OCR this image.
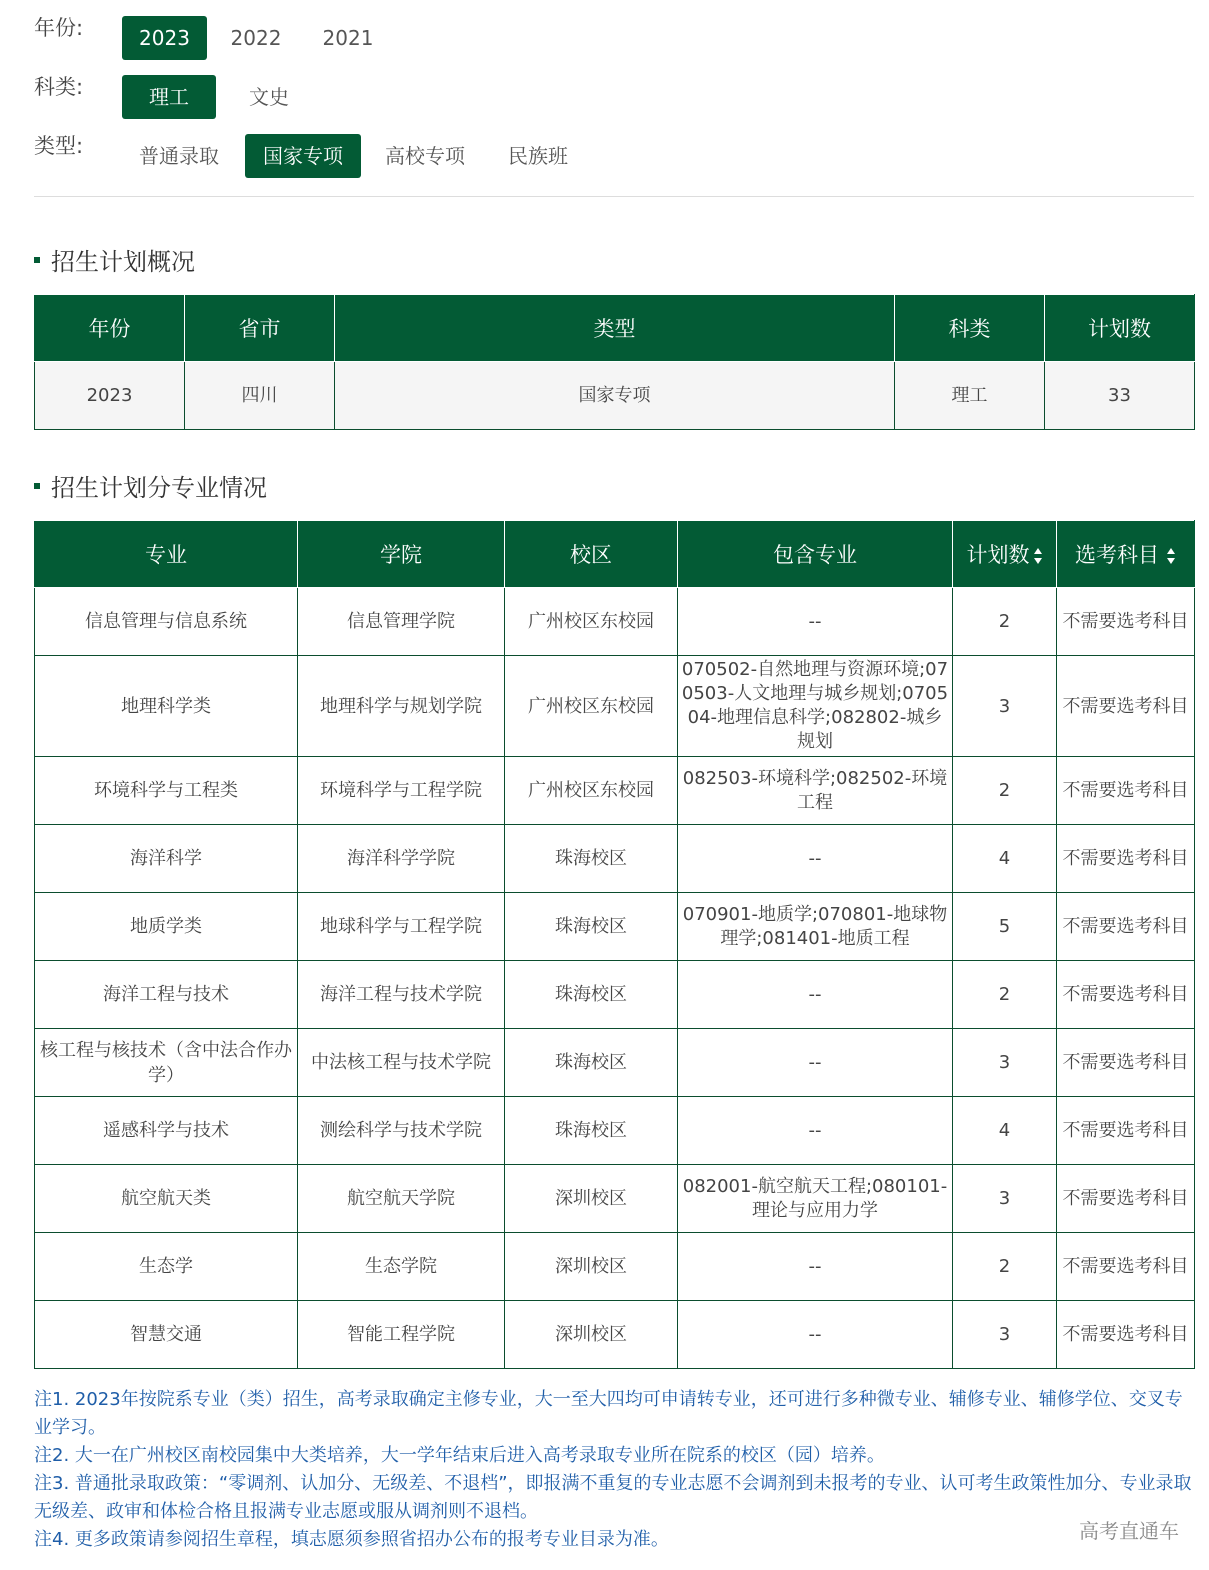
年份:	2023	2022	2021
科类:	理工	文史
类型:	普通录取	国家专项	高校专项	民族班
招生计划概况
年份	省市	类型	科类	计划数
2023	四川	国家专项	理工	33
招生计划分专业情况
专业	学院	校区	包含专业	计划数	选考科目
信息管理与信息系统	信息管理学院	广州校区东校园	--	2	不需要选考科目
地理科学类	地理科学与规划学院	广州校区东校园	070502-自然地理与资源环境;070503-人文地理与城乡规划;070504-地理信息科学;082802-城乡规划	3	不需要选考科目
环境科学与工程类	环境科学与工程学院	广州校区东校园	082503-环境科学;082502-环境工程	2	不需要选考科目
海洋科学	海洋科学学院	珠海校区	--	4	不需要选考科目
地质学类	地球科学与工程学院	珠海校区	070901-地质学;070801-地球物理学;081401-地质工程	5	不需要选考科目
海洋工程与技术	海洋工程与技术学院	珠海校区	--	2	不需要选考科目
核工程与核技术（含中法合作办学）	中法核工程与技术学院	珠海校区	--	3	不需要选考科目
遥感科学与技术	测绘科学与技术学院	珠海校区	--	4	不需要选考科目
航空航天类	航空航天学院	深圳校区	082001-航空航天工程;080101-理论与应用力学	3	不需要选考科目
生态学	生态学院	深圳校区	--	2	不需要选考科目
智慧交通	智能工程学院	深圳校区	--	3	不需要选考科目

注1. 2023年按院系专业（类）招生，高考录取确定主修专业，大一至大四均可申请转专业，还可进行多种微专业、辅修专业、辅修学位、交叉专业学习。

注2. 大一在广州校区南校园集中大类培养，大一学年结束后进入高考录取专业所在院系的校区（园）培养。

注3. 普通批录取政策：“零调剂、认加分、无级差、不退档”，即报满不重复的专业志愿不会调剂到未报考的专业、认可考生政策性加分、专业录取无级差、政审和体检合格且报满专业志愿或服从调剂则不退档。

注4. 更多政策请参阅招生章程，填志愿须参照省招办公布的报考专业目录为准。	高考直通车
